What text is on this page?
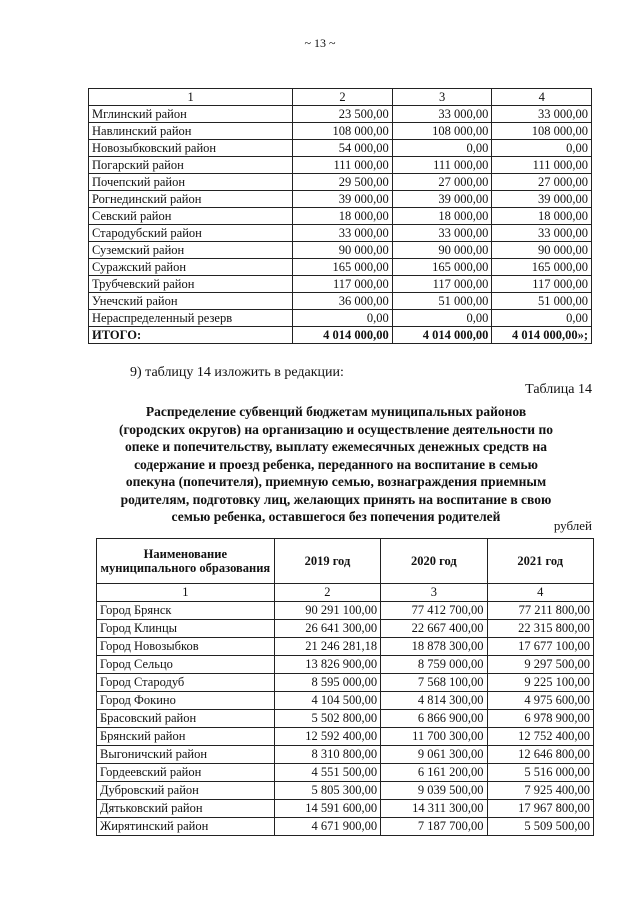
~ 13 ~
1	2	3	4
Мглинский район	23 500,00	33 000,00	33 000,00
Навлинский район	108 000,00	108 000,00	108 000,00
Новозыбковский район	54 000,00	0,00	0,00
Погарский район	111 000,00	111 000,00	111 000,00
Почепский район	29 500,00	27 000,00	27 000,00
Рогнединский район	39 000,00	39 000,00	39 000,00
Севский район	18 000,00	18 000,00	18 000,00
Стародубский район	33 000,00	33 000,00	33 000,00
Суземский район	90 000,00	90 000,00	90 000,00
Суражский район	165 000,00	165 000,00	165 000,00
Трубчевский район	117 000,00	117 000,00	117 000,00
Унечский район	36 000,00	51 000,00	51 000,00
Нераспределенный резерв	0,00	0,00	0,00
ИТОГО:	4 014 000,00	4 014 000,00	4 014 000,00»;
9) таблицу 14 изложить в редакции:
Таблица 14
Распределение субвенций бюджетам муниципальных районов
(городских округов) на организацию и осуществление деятельности по
опеке и попечительству, выплату ежемесячных денежных средств на
содержание и проезд ребенка, переданного на воспитание в семью
опекуна (попечителя), приемную семью, вознаграждения приемным
родителям, подготовку лиц, желающих принять на воспитание в свою
семью ребенка, оставшегося без попечения родителей
рублей
Наименование муниципального образования	2019 год	2020 год	2021 год
1	2	3	4
Город Брянск	90 291 100,00	77 412 700,00	77 211 800,00
Город Клинцы	26 641 300,00	22 667 400,00	22 315 800,00
Город Новозыбков	21 246 281,18	18 878 300,00	17 677 100,00
Город Сельцо	13 826 900,00	8 759 000,00	9 297 500,00
Город Стародуб	8 595 000,00	7 568 100,00	9 225 100,00
Город Фокино	4 104 500,00	4 814 300,00	4 975 600,00
Брасовский район	5 502 800,00	6 866 900,00	6 978 900,00
Брянский район	12 592 400,00	11 700 300,00	12 752 400,00
Выгоничский район	8 310 800,00	9 061 300,00	12 646 800,00
Гордеевский район	4 551 500,00	6 161 200,00	5 516 000,00
Дубровский район	5 805 300,00	9 039 500,00	7 925 400,00
Дятьковский район	14 591 600,00	14 311 300,00	17 967 800,00
Жирятинский район	4 671 900,00	7 187 700,00	5 509 500,00
